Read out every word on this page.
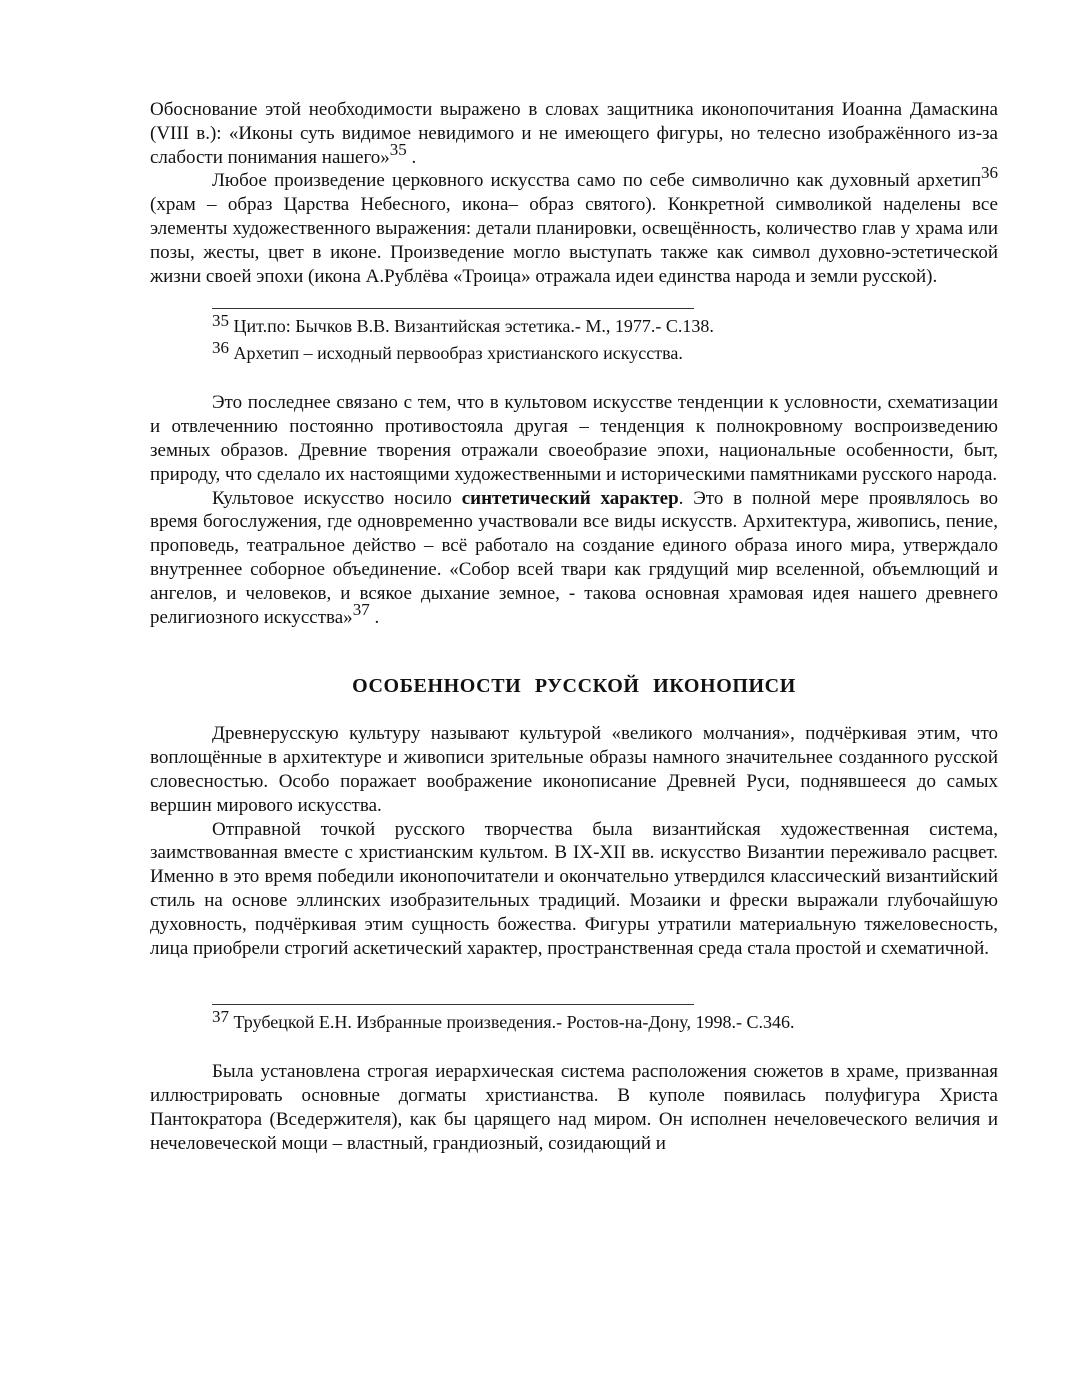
Обоснование этой необходимости выражено в словах защитника иконопочитания Иоанна Дамаскина (VIII в.): «Иконы суть видимое невидимого и не имеющего фигуры, но телесно изображённого из-за слабости понимания нашего»$^{35}$ .

Любое произведение церковного искусства само по себе символично как духовный архетип$^{36}$ (храм – образ Царства Небесного, икона– образ святого). Конкретной символикой наделены все элементы художественного выражения: детали планировки, освещённость, количество глав у храма или позы, жесты, цвет в иконе. Произведение могло выступать также как символ духовно-эстетической жизни своей эпохи (икона А.Рублёва «Троица» отражала идеи единства народа и земли русской).

$^{35}$ Цит.по: Бычков В.В. Византийская эстетика.- М., 1977.- С.138.

$^{36}$ Архетип – исходный первообраз христианского искусства.

Это последнее связано с тем, что в культовом искусстве тенденции к условности, схематизации и отвлеченнию постоянно противостояла другая – тенденция к полнокровному воспроизведению земных образов. Древние творения отражали своеобразие эпохи, национальные особенности, быт, природу, что сделало их настоящими художественными и историческими памятниками русского народа.

Культовое искусство носило синтетический характер. Это в полной мере проявлялось во время богослужения, где одновременно участвовали все виды искусств. Архитектура, живопись, пение, проповедь, театральное действо – всё работало на создание единого образа иного мира, утверждало внутреннее соборное объединение. «Собор всей твари как грядущий мир вселенной, объемлющий и ангелов, и человеков, и всякое дыхание земное, - такова основная храмовая идея нашего древнего религиозного искусства»$^{37}$ .

ОСОБЕННОСТИ РУССКОЙ ИКОНОПИСИ

Древнерусскую культуру называют культурой «великого молчания», подчёркивая этим, что воплощённые в архитектуре и живописи зрительные образы намного значительнее созданного русской словесностью. Особо поражает воображение иконописание Древней Руси, поднявшееся до самых вершин мирового искусства.

Отправной точкой русского творчества была византийская художественная система, заимствованная вместе с христианским культом. В IX-XII вв. искусство Византии переживало расцвет. Именно в это время победили иконопочитатели и окончательно утвердился классический византийский стиль на основе эллинских изобразительных традиций. Мозаики и фрески выражали глубочайшую духовность, подчёркивая этим сущность божества. Фигуры утратили материальную тяжеловесность, лица приобрели строгий аскетический характер, пространственная среда стала простой и схематичной.

$^{37}$ Трубецкой Е.Н. Избранные произведения.- Ростов-на-Дону, 1998.- С.346.

Была установлена строгая иерархическая система расположения сюжетов в храме, призванная иллюстрировать основные догматы христианства. В куполе появилась полуфигура Христа Пантократора (Вседержителя), как бы царящего над миром. Он исполнен нечеловеческого величия и нечеловеческой мощи – властный, грандиозный, созидающий и
